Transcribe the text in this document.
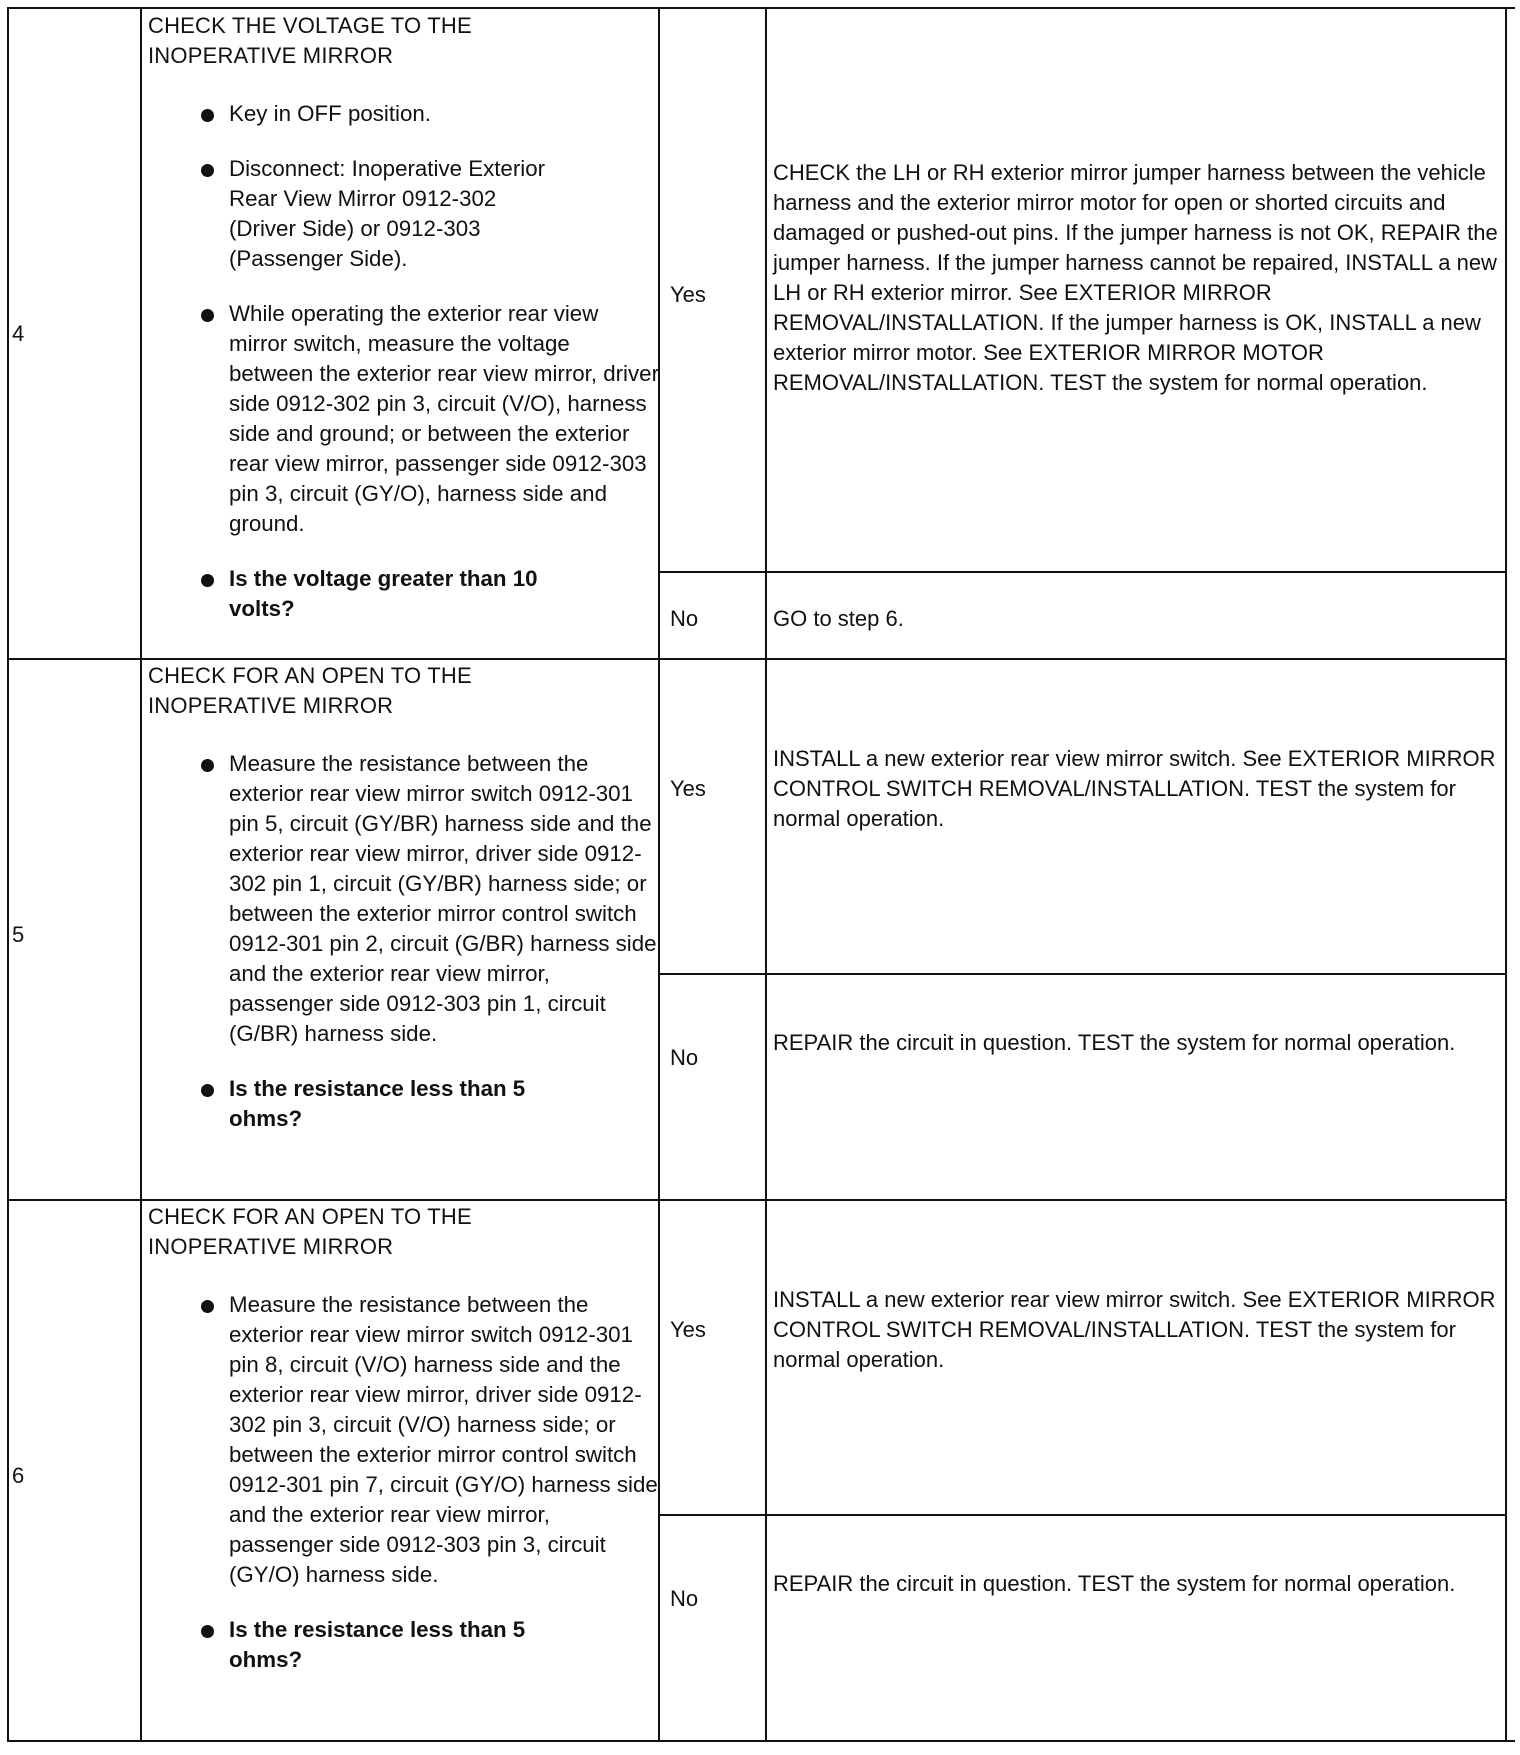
4
CHECK THE VOLTAGE TO THE
INOPERATIVE MIRROR
Key in OFF position.
Disconnect: Inoperative Exterior Rear View Mirror 0912-302 (Driver Side) or 0912-303 (Passenger Side).
While operating the exterior rear view mirror switch, measure the voltage between the exterior rear view mirror, driver side 0912-302 pin 3, circuit (V/O), harness side and ground; or between the exterior rear view mirror, passenger side 0912-303 pin 3, circuit (GY/O), harness side and ground.
Is the voltage greater than 10 volts?
Yes
CHECK the LH or RH exterior mirror jumper harness between the vehicle harness and the exterior mirror motor for open or shorted circuits and damaged or pushed-out pins. If the jumper harness is not OK, REPAIR the jumper harness. If the jumper harness cannot be repaired, INSTALL a new LH or RH exterior mirror. See EXTERIOR MIRROR REMOVAL/INSTALLATION. If the jumper harness is OK, INSTALL a new exterior mirror motor. See EXTERIOR MIRROR MOTOR REMOVAL/INSTALLATION. TEST the system for normal operation.
No	GO to step 6.
5
CHECK FOR AN OPEN TO THE
INOPERATIVE MIRROR
Measure the resistance between the exterior rear view mirror switch 0912-301 pin 5, circuit (GY/BR) harness side and the exterior rear view mirror, driver side 0912-302 pin 1, circuit (GY/BR) harness side; or between the exterior mirror control switch 0912-301 pin 2, circuit (G/BR) harness side and the exterior rear view mirror, passenger side 0912-303 pin 1, circuit (G/BR) harness side.
Is the resistance less than 5 ohms?
Yes
INSTALL a new exterior rear view mirror switch. See EXTERIOR MIRROR CONTROL SWITCH REMOVAL/INSTALLATION. TEST the system for normal operation.
No
REPAIR the circuit in question. TEST the system for normal operation.
6
CHECK FOR AN OPEN TO THE
INOPERATIVE MIRROR
Measure the resistance between the exterior rear view mirror switch 0912-301 pin 8, circuit (V/O) harness side and the exterior rear view mirror, driver side 0912-302 pin 3, circuit (V/O) harness side; or between the exterior mirror control switch 0912-301 pin 7, circuit (GY/O) harness side and the exterior rear view mirror, passenger side 0912-303 pin 3, circuit (GY/O) harness side.
Is the resistance less than 5 ohms?
Yes
INSTALL a new exterior rear view mirror switch. See EXTERIOR MIRROR CONTROL SWITCH REMOVAL/INSTALLATION. TEST the system for normal operation.
No
REPAIR the circuit in question. TEST the system for normal operation.
